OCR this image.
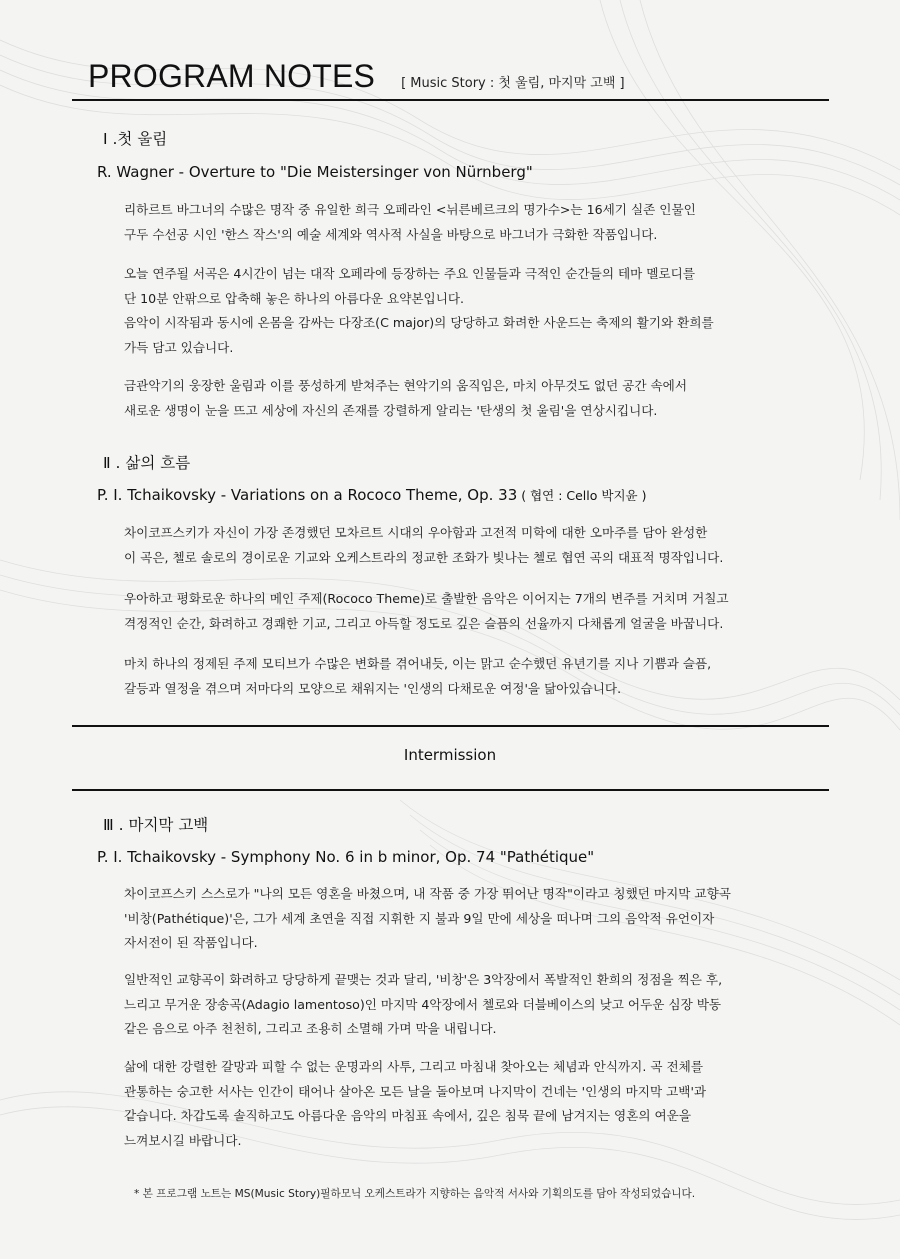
PROGRAM NOTES [ Music Story : 첫 울림, 마지막 고백 ]
Ⅰ .첫 울림
R. Wagner - Overture to "Die Meistersinger von Nürnberg"
리하르트 바그너의 수많은 명작 중 유일한 희극 오페라인 <뉘른베르크의 명가수>는 16세기 실존 인물인
구두 수선공 시인 '한스 작스'의 예술 세계와 역사적 사실을 바탕으로 바그너가 극화한 작품입니다.
오늘 연주될 서곡은 4시간이 넘는 대작 오페라에 등장하는 주요 인물들과 극적인 순간들의 테마 멜로디를
단 10분 안팎으로 압축해 놓은 하나의 아름다운 요약본입니다.
음악이 시작됨과 동시에 온몸을 감싸는 다장조(C major)의 당당하고 화려한 사운드는 축제의 활기와 환희를
가득 담고 있습니다.
금관악기의 웅장한 울림과 이를 풍성하게 받쳐주는 현악기의 움직임은, 마치 아무것도 없던 공간 속에서
새로운 생명이 눈을 뜨고 세상에 자신의 존재를 강렬하게 알리는 '탄생의 첫 울림'을 연상시킵니다.
Ⅱ . 삶의 흐름
P. I. Tchaikovsky - Variations on a Rococo Theme, Op. 33 ( 협연 : Cello 박지윤 )
차이코프스키가 자신이 가장 존경했던 모차르트 시대의 우아함과 고전적 미학에 대한 오마주를 담아 완성한
이 곡은, 첼로 솔로의 경이로운 기교와 오케스트라의 정교한 조화가 빛나는 첼로 협연 곡의 대표적 명작입니다.
우아하고 평화로운 하나의 메인 주제(Rococo Theme)로 출발한 음악은 이어지는 7개의 변주를 거치며 거칠고
격정적인 순간, 화려하고 경쾌한 기교, 그리고 아득할 정도로 깊은 슬픔의 선율까지 다채롭게 얼굴을 바꿉니다.
마치 하나의 정제된 주제 모티브가 수많은 변화를 겪어내듯, 이는 맑고 순수했던 유년기를 지나 기쁨과 슬픔,
갈등과 열정을 겪으며 저마다의 모양으로 채워지는 '인생의 다채로운 여정'을 닮아있습니다.
Intermission
Ⅲ . 마지막 고백
P. I. Tchaikovsky - Symphony No. 6 in b minor, Op. 74 "Pathétique"
차이코프스키 스스로가 "나의 모든 영혼을 바쳤으며, 내 작품 중 가장 뛰어난 명작"이라고 칭했던 마지막 교향곡
'비창(Pathétique)'은, 그가 세계 초연을 직접 지휘한 지 불과 9일 만에 세상을 떠나며 그의 음악적 유언이자
자서전이 된 작품입니다.
일반적인 교향곡이 화려하고 당당하게 끝맺는 것과 달리, '비창'은 3악장에서 폭발적인 환희의 정점을 찍은 후,
느리고 무거운 장송곡(Adagio lamentoso)인 마지막 4악장에서 첼로와 더블베이스의 낮고 어두운 심장 박동
같은 음으로 아주 천천히, 그리고 조용히 소멸해 가며 막을 내립니다.
삶에 대한 강렬한 갈망과 피할 수 없는 운명과의 사투, 그리고 마침내 찾아오는 체념과 안식까지. 곡 전체를
관통하는 숭고한 서사는 인간이 태어나 살아온 모든 날을 돌아보며 나지막이 건네는 '인생의 마지막 고백'과
같습니다. 차갑도록 솔직하고도 아름다운 음악의 마침표 속에서, 깊은 침묵 끝에 남겨지는 영혼의 여운을
느껴보시길 바랍니다.
* 본 프로그램 노트는 MS(Music Story)필하모닉 오케스트라가 지향하는 음악적 서사와 기획의도를 담아 작성되었습니다.
